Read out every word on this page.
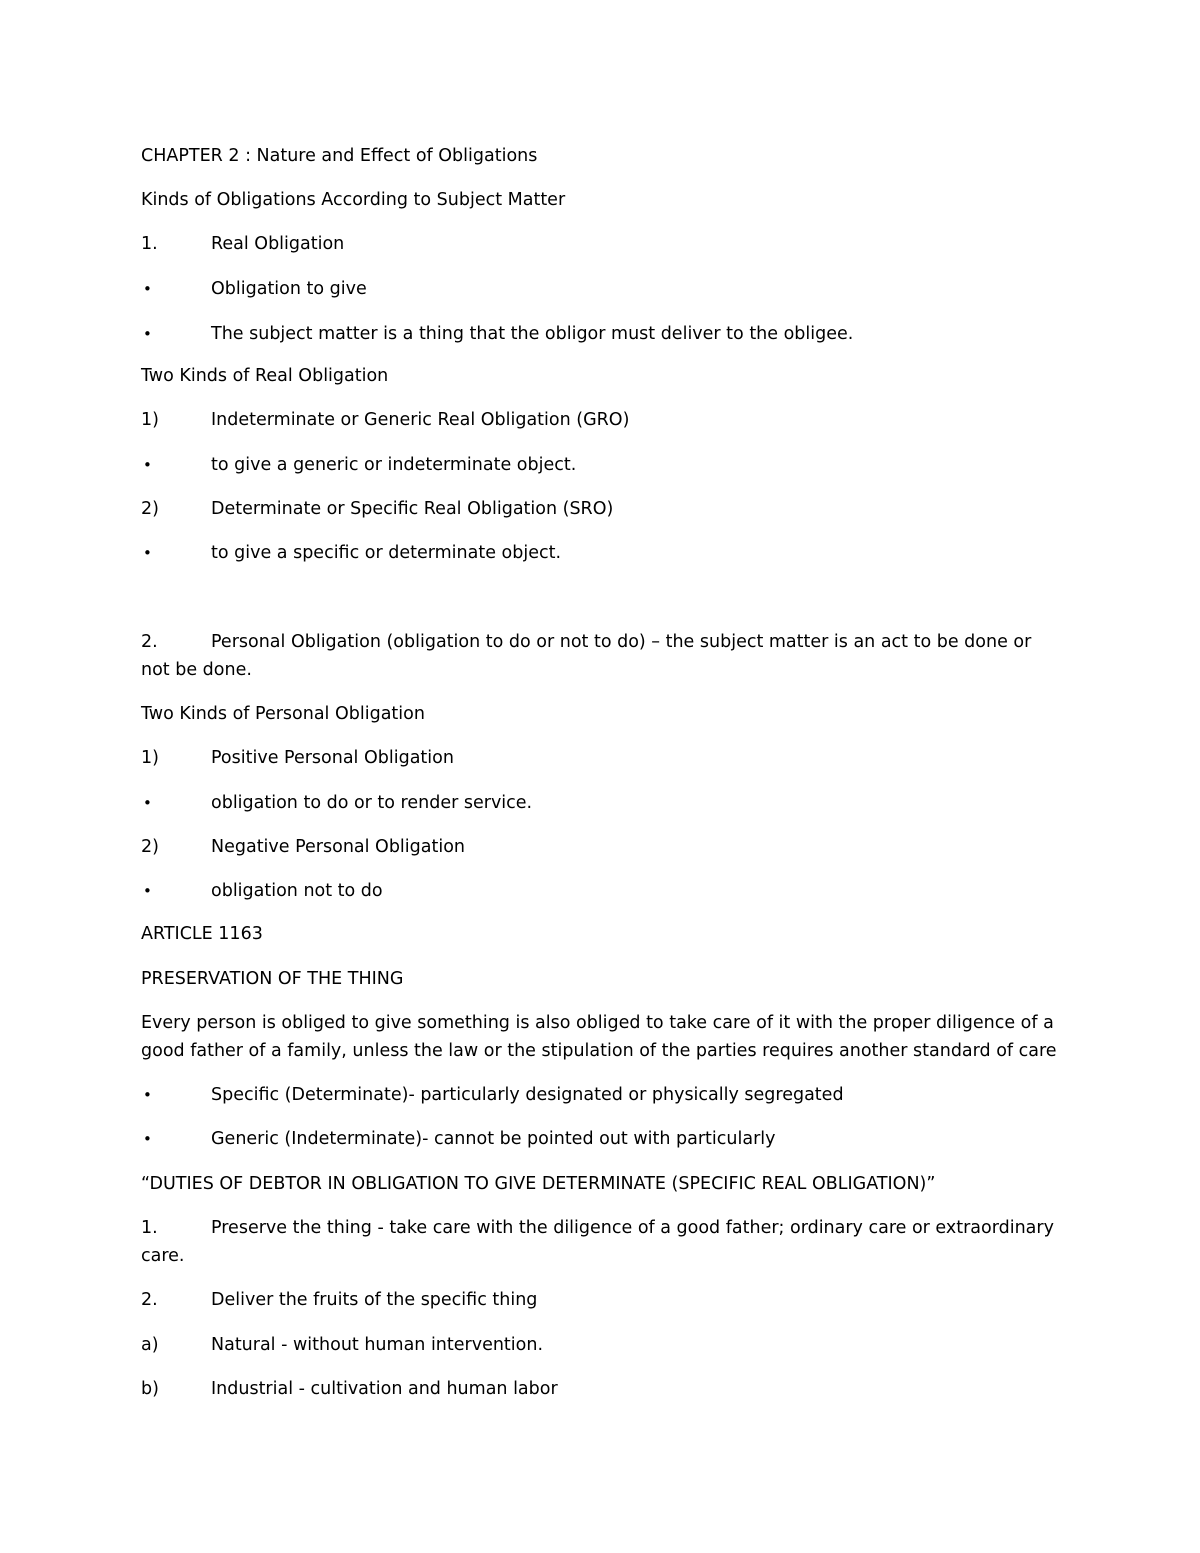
CHAPTER 2 : Nature and Effect of Obligations
Kinds of Obligations According to Subject Matter
1.	Real Obligation
•	Obligation to give
•	The subject matter is a thing that the obligor must deliver to the obligee.
Two Kinds of Real Obligation
1)	Indeterminate or Generic Real Obligation (GRO)
•	to give a generic or indeterminate object.
2)	Determinate or Specific Real Obligation (SRO)
•	to give a specific or determinate object.
2.	Personal Obligation (obligation to do or not to do) – the subject matter is an act to be done or
not be done.
Two Kinds of Personal Obligation
1)	Positive Personal Obligation
•	obligation to do or to render service.
2)	Negative Personal Obligation
•	obligation not to do
ARTICLE 1163
PRESERVATION OF THE THING
Every person is obliged to give something is also obliged to take care of it with the proper diligence of a
good father of a family, unless the law or the stipulation of the parties requires another standard of care
•	Specific (Determinate)- particularly designated or physically segregated
•	Generic (Indeterminate)- cannot be pointed out with particularly
“DUTIES OF DEBTOR IN OBLIGATION TO GIVE DETERMINATE (SPECIFIC REAL OBLIGATION)”
1.	Preserve the thing - take care with the diligence of a good father; ordinary care or extraordinary
care.
2.	Deliver the fruits of the specific thing
a)	Natural - without human intervention.
b)	Industrial - cultivation and human labor
